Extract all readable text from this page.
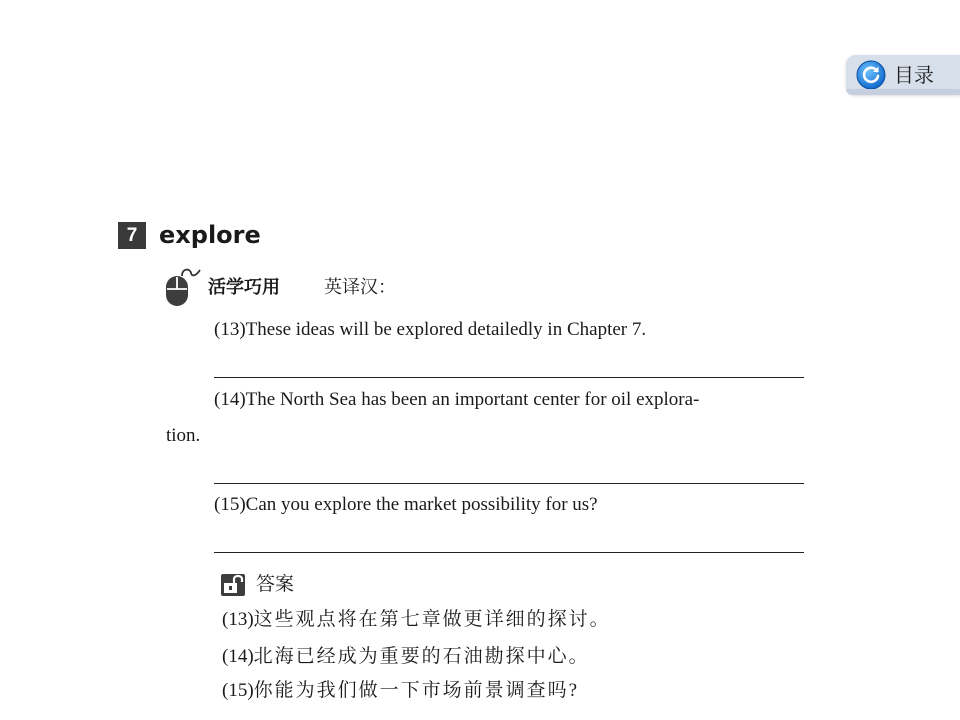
目录
7 explore
活学巧用 英译汉：
(13)These ideas will be explored detailedly in Chapter 7.
(14)The North Sea has been an important center for oil explora-
tion.
(15)Can you explore the market possibility for us?
答案
(13)这些观点将在第七章做更详细的探讨。
(14)北海已经成为重要的石油勘探中心。
(15)你能为我们做一下市场前景调查吗?
